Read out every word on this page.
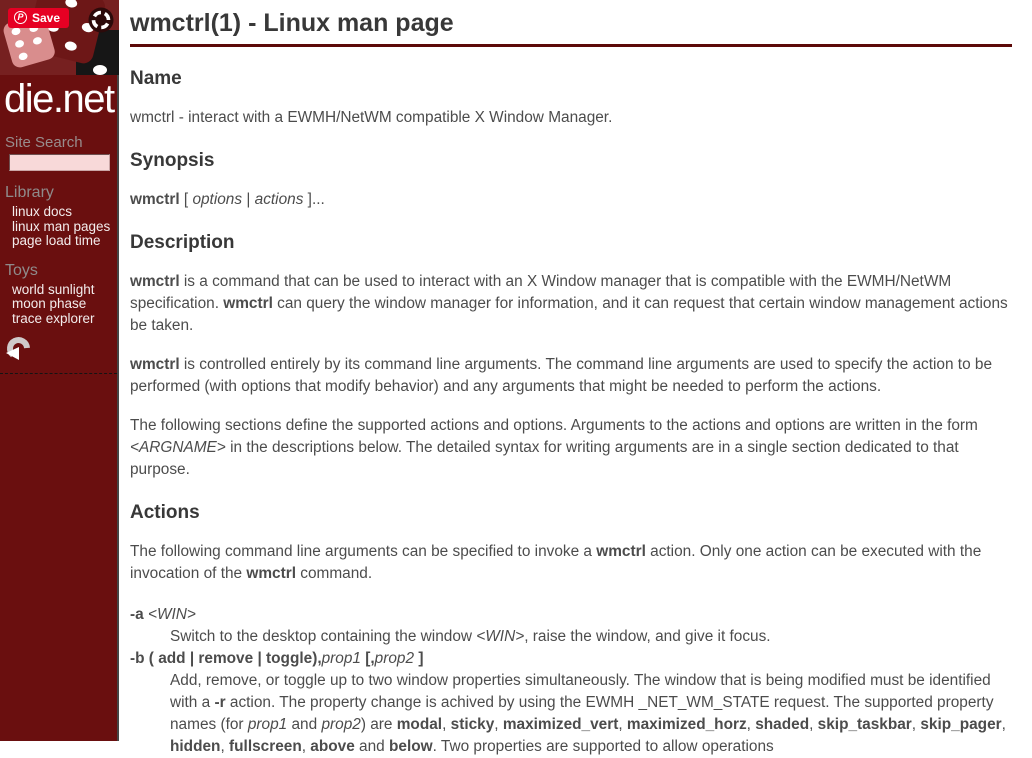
P Save
die.net
Site Search
Library
linux docs
linux man pages
page load time
Toys
world sunlight
moon phase
trace explorer
wmctrl(1) - Linux man page
Name

wmctrl - interact with a EWMH/NetWM compatible X Window Manager.

Synopsis

wmctrl [ options | actions ]...

Description

wmctrl is a command that can be used to interact with an X Window manager that is compatible with the EWMH/NetWM specification. wmctrl can query the window manager for information, and it can request that certain window management actions be taken.

wmctrl is controlled entirely by its command line arguments. The command line arguments are used to specify the action to be performed (with options that modify behavior) and any arguments that might be needed to perform the actions.

The following sections define the supported actions and options. Arguments to the actions and options are written in the form <ARGNAME> in the descriptions below. The detailed syntax for writing arguments are in a single section dedicated to that purpose.

Actions

The following command line arguments can be specified to invoke a wmctrl action. Only one action can be executed with the invocation of the wmctrl command.

-a <WIN>
Switch to the desktop containing the window <WIN>, raise the window, and give it focus.
-b ( add | remove | toggle),prop1 [,prop2 ]
Add, remove, or toggle up to two window properties simultaneously. The window that is being modified must be identified with a -r action. The property change is achived by using the EWMH _NET_WM_STATE request. The supported property names (for prop1 and prop2) are modal, sticky, maximized_vert, maximized_horz, shaded, skip_taskbar, skip_pager, hidden, fullscreen, above and below. Two properties are supported to allow operations
